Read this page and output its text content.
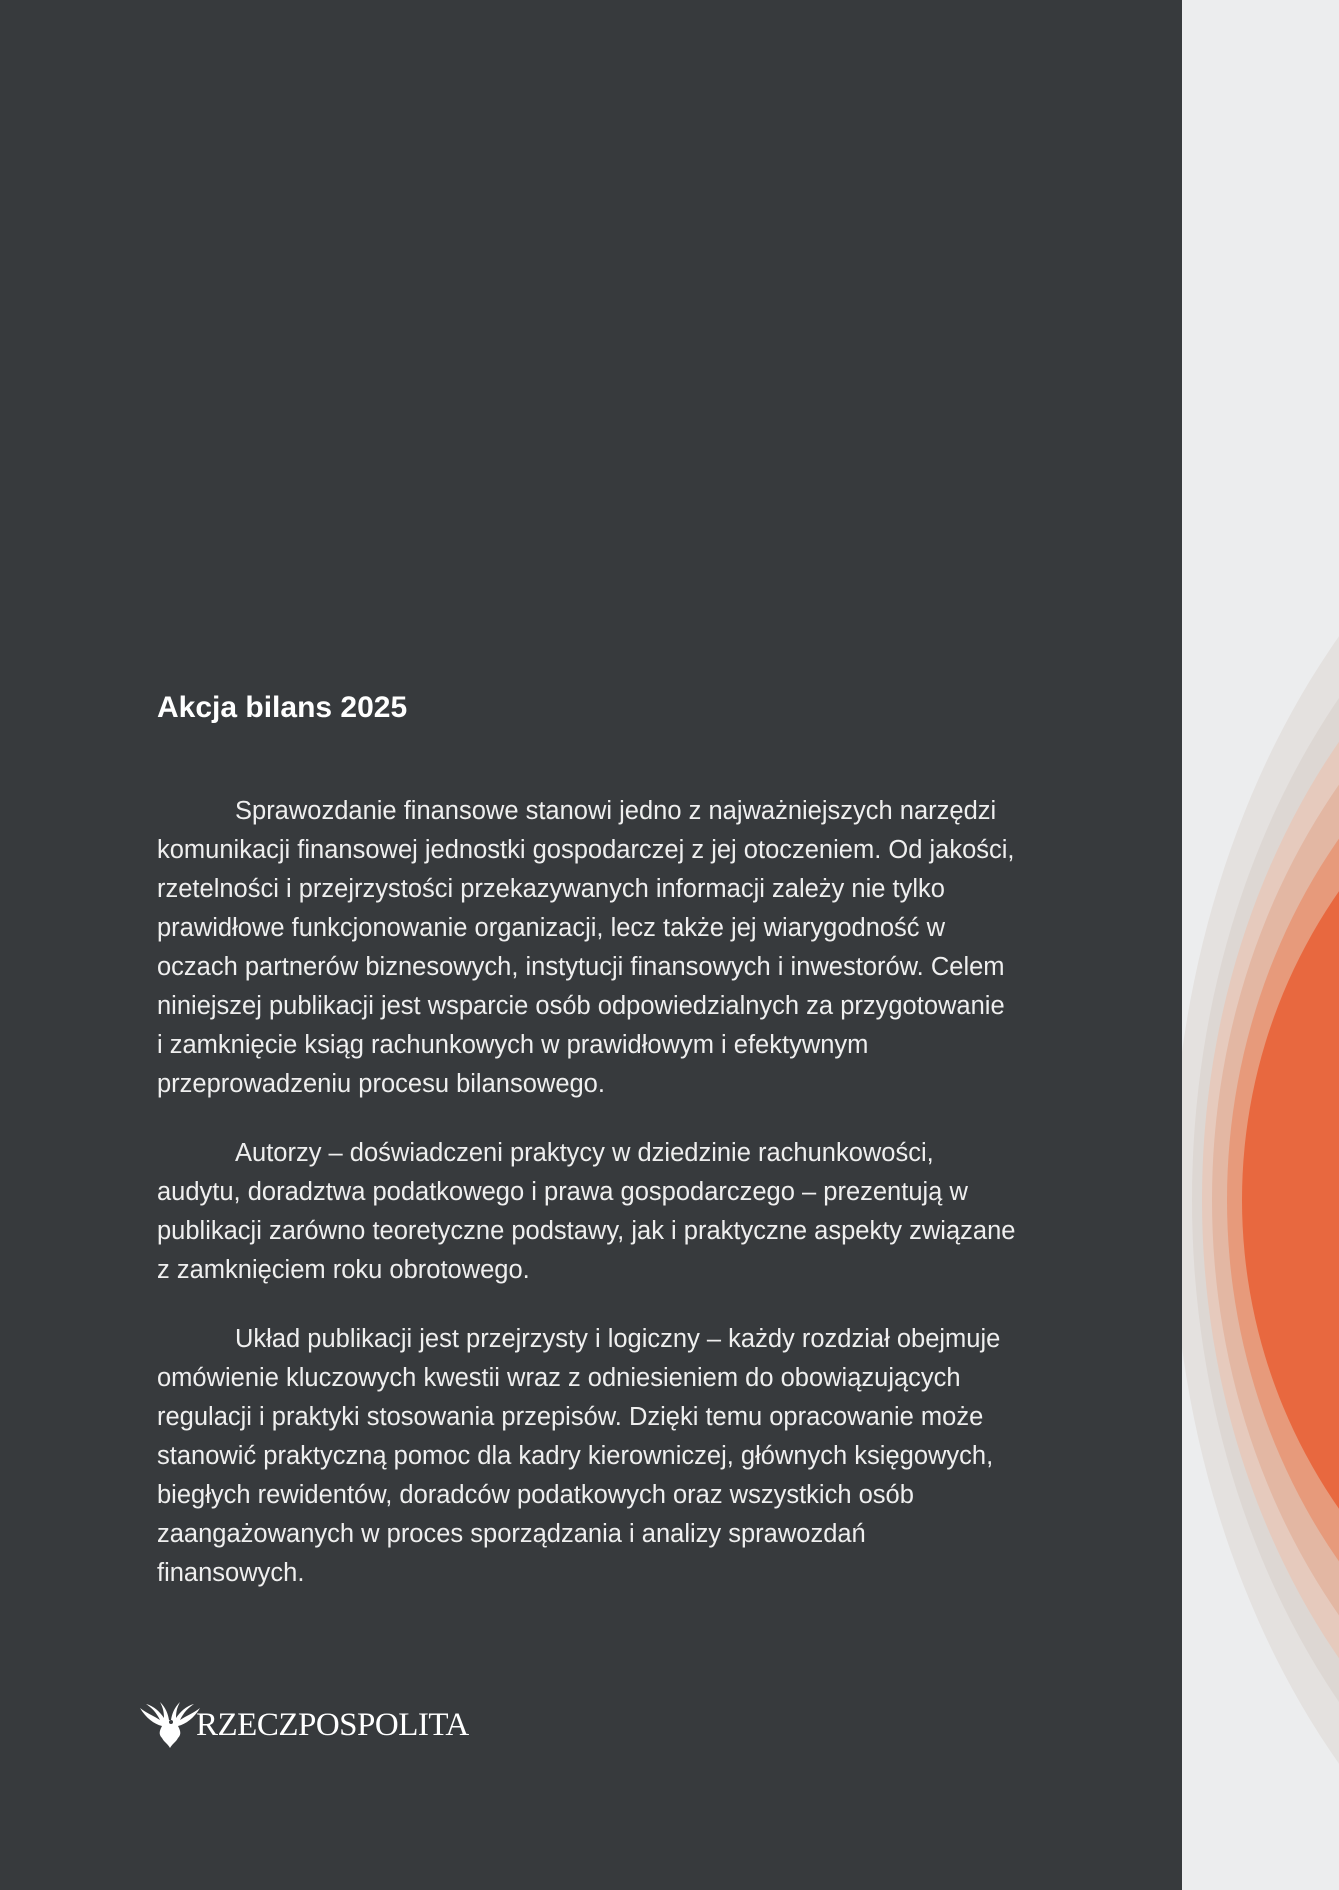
Akcja bilans 2025

Sprawozdanie finansowe stanowi jedno z najważniejszych narzędzi komunikacji finansowej jednostki gospodarczej z jej otoczeniem. Od jakości, rzetelności i przejrzystości przekazywanych informacji zależy nie tylko prawidłowe funkcjonowanie organizacji, lecz także jej wiarygodność w oczach partnerów biznesowych, instytucji finansowych i inwestorów. Celem niniejszej publikacji jest wsparcie osób odpowiedzialnych za przygotowanie i zamknięcie ksiąg rachunkowych w prawidłowym i efektywnym przeprowadzeniu procesu bilansowego.

Autorzy – doświadczeni praktycy w dziedzinie rachunkowości, audytu, doradztwa podatkowego i prawa gospodarczego – prezentują w publikacji zarówno teoretyczne podstawy, jak i praktyczne aspekty związane z zamknięciem roku obrotowego.

Układ publikacji jest przejrzysty i logiczny – każdy rozdział obejmuje omówienie kluczowych kwestii wraz z odniesieniem do obowiązujących regulacji i praktyki stosowania przepisów. Dzięki temu opracowanie może stanowić praktyczną pomoc dla kadry kierowniczej, głównych księgowych, biegłych rewidentów, doradców podatkowych oraz wszystkich osób zaangażowanych w proces sporządzania i analizy sprawozdań finansowych.

RZECZPOSPOLITA
